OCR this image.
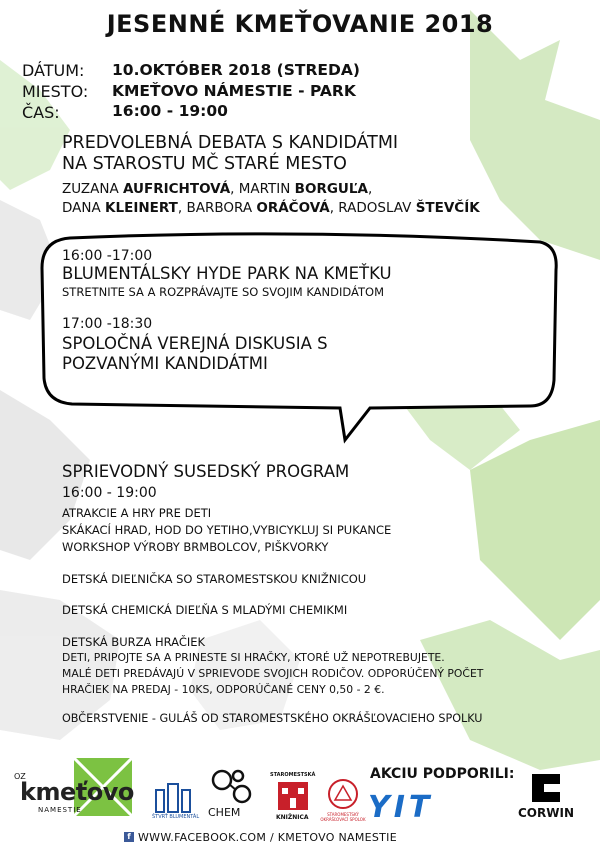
JESENNÉ KMEŤOVANIE 2018
DÁTUM: 10.OKTÓBER 2018 (STREDA)
MIESTO: KMEŤOVO NÁMESTIE - PARK
ČAS:	16:00 - 19:00
PREDVOLEBNÁ DEBATA S KANDIDÁTMI
NA STAROSTU MČ STARÉ MESTO
ZUZANA AUFRICHTOVÁ, MARTIN BORGUĽA,
DANA KLEINERT, BARBORA ORÁČOVÁ, RADOSLAV ŠTEVČÍK
16:00 -17:00
BLUMENTÁLSKY HYDE PARK NA KMEŤKU
STRETNITE SA A ROZPRÁVAJTE SO SVOJIM KANDIDÁTOM
17:00 -18:30
SPOLOČNÁ VEREJNÁ DISKUSIA S
POZVANÝMI KANDIDÁTMI
SPRIEVODNÝ SUSEDSKÝ PROGRAM
16:00 - 19:00
ATRAKCIE A HRY PRE DETI
SKÁKACÍ HRAD, HOD DO YETIHO,VYBICYKLUJ SI PUKANCE
WORKSHOP VÝROBY BRMBOLCOV, PIŠKVORKY
DETSKÁ DIEĽNIČKA SO STAROMESTSKOU KNIŽNICOU
DETSKÁ CHEMICKÁ DIEĽŇA S MLADÝMI CHEMIKMI
DETSKÁ BURZA HRAČIEK
DETI, PRIPOJTE SA A PRINESTE SI HRAČKY, KTORÉ UŽ NEPOTREBUJETE.
MALÉ DETI PREDÁVAJÚ V SPRIEVODE SVOJICH RODIČOV. ODPORÚČENÝ POČET
HRAČIEK NA PREDAJ - 10KS, ODPORÚČANÉ CENY 0,50 - 2 €.
OBČERSTVENIE - GULÁŠ OD STAROMESTSKÉHO OKRÁŠĽOVACIEHO SPOLKU
OZ
kmeťovo
NAMESTIE
ŠTVRŤ BLUMENTÁL CHEM
STAROMESTSKÁ
KNIŽNICA	STAROMESTSKÝ OKRÁŠĽOVACÍ SPOLOK
AKCIU PODPORILI:
YIT	CORWIN
f WWW.FACEBOOK.COM / KMETOVO NAMESTIE
